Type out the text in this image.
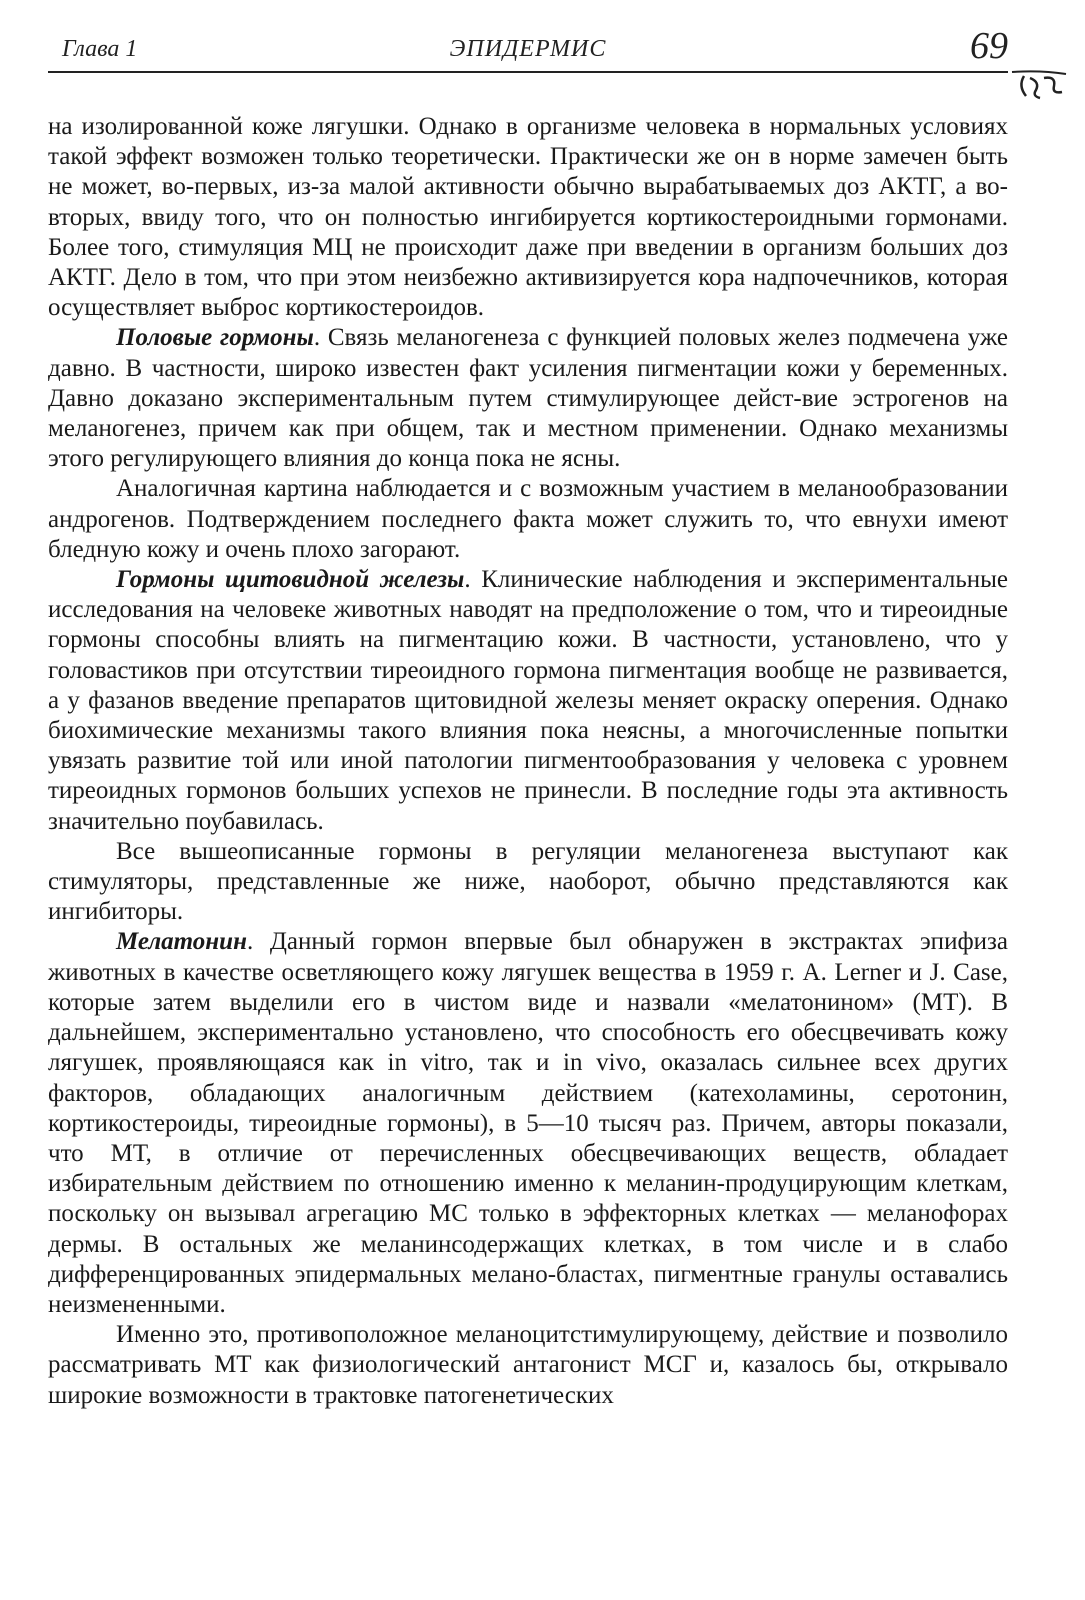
Глава 1	ЭПИДЕРМИС	69

на изолированной коже лягушки. Однако в организме человека в нормальных условиях такой эффект возможен только теоретически. Практически же он в норме замечен быть не может, во-первых, из-за малой активности обычно вырабатываемых доз АКТГ, а во-вторых, ввиду того, что он полностью ингибируется кортикостероидными гормонами. Более того, стимуляция МЦ не происходит даже при введении в организм больших доз АКТГ. Дело в том, что при этом неизбежно активизируется кора надпочечников, которая осуществляет выброс кортикостероидов.

Половые гормоны. Связь меланогенеза с функцией половых желез подмечена уже давно. В частности, широко известен факт усиления пигментации кожи у беременных. Давно доказано экспериментальным путем стимулирующее дейст-вие эстрогенов на меланогенез, причем как при общем, так и местном применении. Однако механизмы этого регулирующего влияния до конца пока не ясны.

Аналогичная картина наблюдается и с возможным участием в меланообразовании андрогенов. Подтверждением последнего факта может служить то, что евнухи имеют бледную кожу и очень плохо загорают.

Гормоны щитовидной железы. Клинические наблюдения и экспериментальные исследования на человеке животных наводят на предположение о том, что и тиреоидные гормоны способны влиять на пигментацию кожи. В частности, установлено, что у головастиков при отсутствии тиреоидного гормона пигментация вообще не развивается, а у фазанов введение препаратов щитовидной железы меняет окраску оперения. Однако биохимические механизмы такого влияния пока неясны, а многочисленные попытки увязать развитие той или иной патологии пигментообразования у человека с уровнем тиреоидных гормонов больших успехов не принесли. В последние годы эта активность значительно поубавилась.

Все вышеописанные гормоны в регуляции меланогенеза выступают как стимуляторы, представленные же ниже, наоборот, обычно представляются как ингибиторы.

Мелатонин. Данный гормон впервые был обнаружен в экстрактах эпифиза животных в качестве осветляющего кожу лягушек вещества в 1959 г. A. Lerner и J. Case, которые затем выделили его в чистом виде и назвали «мелатонином» (МТ). В дальнейшем, экспериментально установлено, что способность его обесцвечивать кожу лягушек, проявляющаяся как in vitro, так и in vivo, оказалась сильнее всех других факторов, обладающих аналогичным действием (катехоламины, серотонин, кортикостероиды, тиреоидные гормоны), в 5—10 тысяч раз. Причем, авторы показали, что МТ, в отличие от перечисленных обесцвечивающих веществ, обладает избирательным действием по отношению именно к меланин-продуцирующим клеткам, поскольку он вызывал агрегацию МС только в эффекторных клетках — меланофорах дермы. В остальных же меланинсодержащих клетках, в том числе и в слабо дифференцированных эпидермальных мелано-бластах, пигментные гранулы оставались неизмененными.

Именно это, противоположное меланоцитстимулирующему, действие и позволило рассматривать МТ как физиологический антагонист МСГ и, казалось бы, открывало широкие возможности в трактовке патогенетических
